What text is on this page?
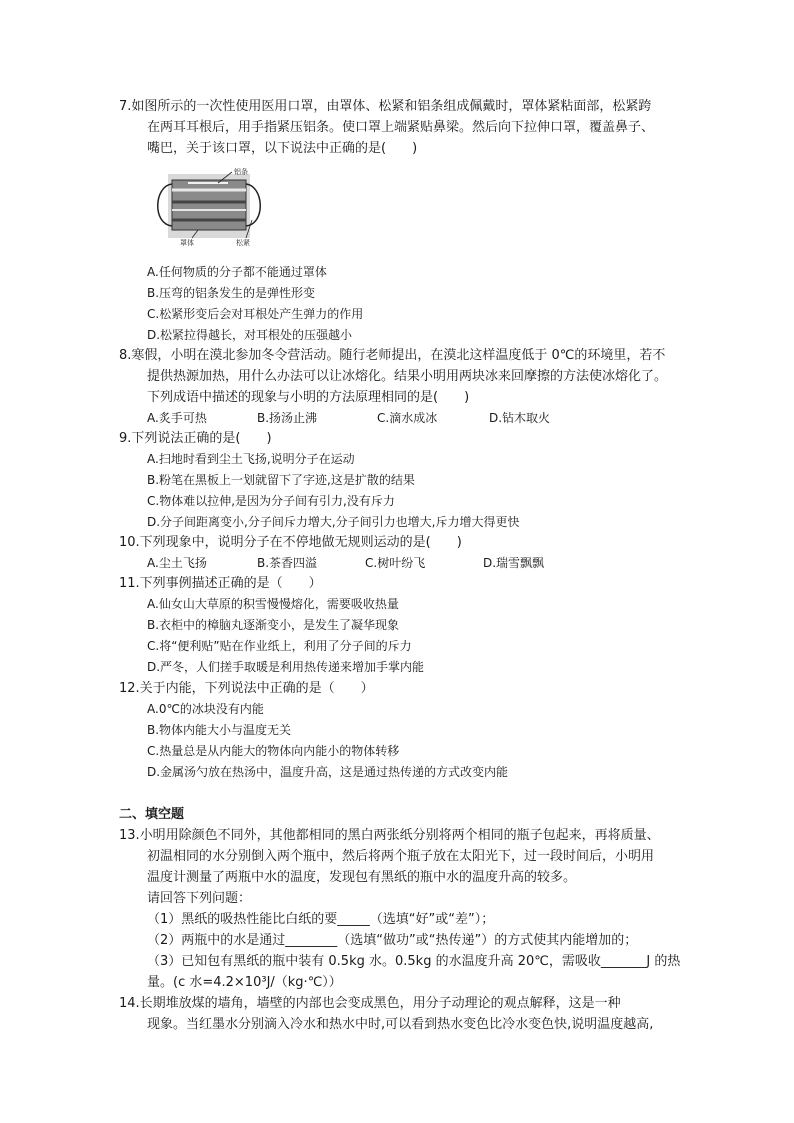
7.如图所示的一次性使用医用口罩，由罩体、松紧和铝条组成佩戴时，罩体紧粘面部，松紧跨
在两耳耳根后，用手指紧压铝条。使口罩上端紧贴鼻梁。然后向下拉伸口罩，覆盖鼻子、
嘴巴，关于该口罩，以下说法中正确的是(　　)
铝条
罩体	松紧
A.任何物质的分子都不能通过罩体
B.压弯的铝条发生的是弹性形变
C.松紧形变后会对耳根处产生弹力的作用
D.松紧拉得越长，对耳根处的压强越小
8.寒假，小明在漠北参加冬令营活动。随行老师提出，在漠北这样温度低于 0℃的环境里，若不
提供热源加热，用什么办法可以让冰熔化。结果小明用两块冰来回摩擦的方法使冰熔化了。
下列成语中描述的现象与小明的方法原理相同的是(　　)
A.炙手可热	B.扬汤止沸	C.滴水成冰	D.钻木取火
9.下列说法正确的是(　　)
A.扫地时看到尘土飞扬,说明分子在运动
B.粉笔在黑板上一划就留下了字迹,这是扩散的结果
C.物体难以拉伸,是因为分子间有引力,没有斥力
D.分子间距离变小,分子间斥力增大,分子间引力也增大,斥力增大得更快
10.下列现象中，说明分子在不停地做无规则运动的是(　　)
A.尘土飞扬	B.茶香四溢	C.树叶纷飞	D.瑞雪飘飘
11.下列事例描述正确的是（　　）
A.仙女山大草原的积雪慢慢熔化，需要吸收热量
B.衣柜中的樟脑丸逐渐变小，是发生了凝华现象
C.将“便利贴”贴在作业纸上，利用了分子间的斥力
D.严冬，人们搓手取暖是利用热传递来增加手掌内能
12.关于内能，下列说法中正确的是（　　）
A.0℃的冰块没有内能
B.物体内能大小与温度无关
C.热量总是从内能大的物体向内能小的物体转移
D.金属汤勺放在热汤中，温度升高，这是通过热传递的方式改变内能
二、填空题
13.小明用除颜色不同外，其他都相同的黑白两张纸分别将两个相同的瓶子包起来，再将质量、
初温相同的水分别倒入两个瓶中，然后将两个瓶子放在太阳光下，过一段时间后，小明用
温度计测量了两瓶中水的温度，发现包有黑纸的瓶中水的温度升高的较多。
请回答下列问题：
（1）黑纸的吸热性能比白纸的要_____（选填“好”或“差”）；
（2）两瓶中的水是通过________（选填“做功”或“热传递”）的方式使其内能增加的；
（3）已知包有黑纸的瓶中装有 0.5kg 水。0.5kg 的水温度升高 20℃，需吸收_______J 的热
量。(c 水=4.2×10³J/（kg·℃））
14.长期堆放煤的墙角，墙壁的内部也会变成黑色，用分子动理论的观点解释，这是一种
现象。当红墨水分别滴入冷水和热水中时,可以看到热水变色比冷水变色快,说明温度越高,
